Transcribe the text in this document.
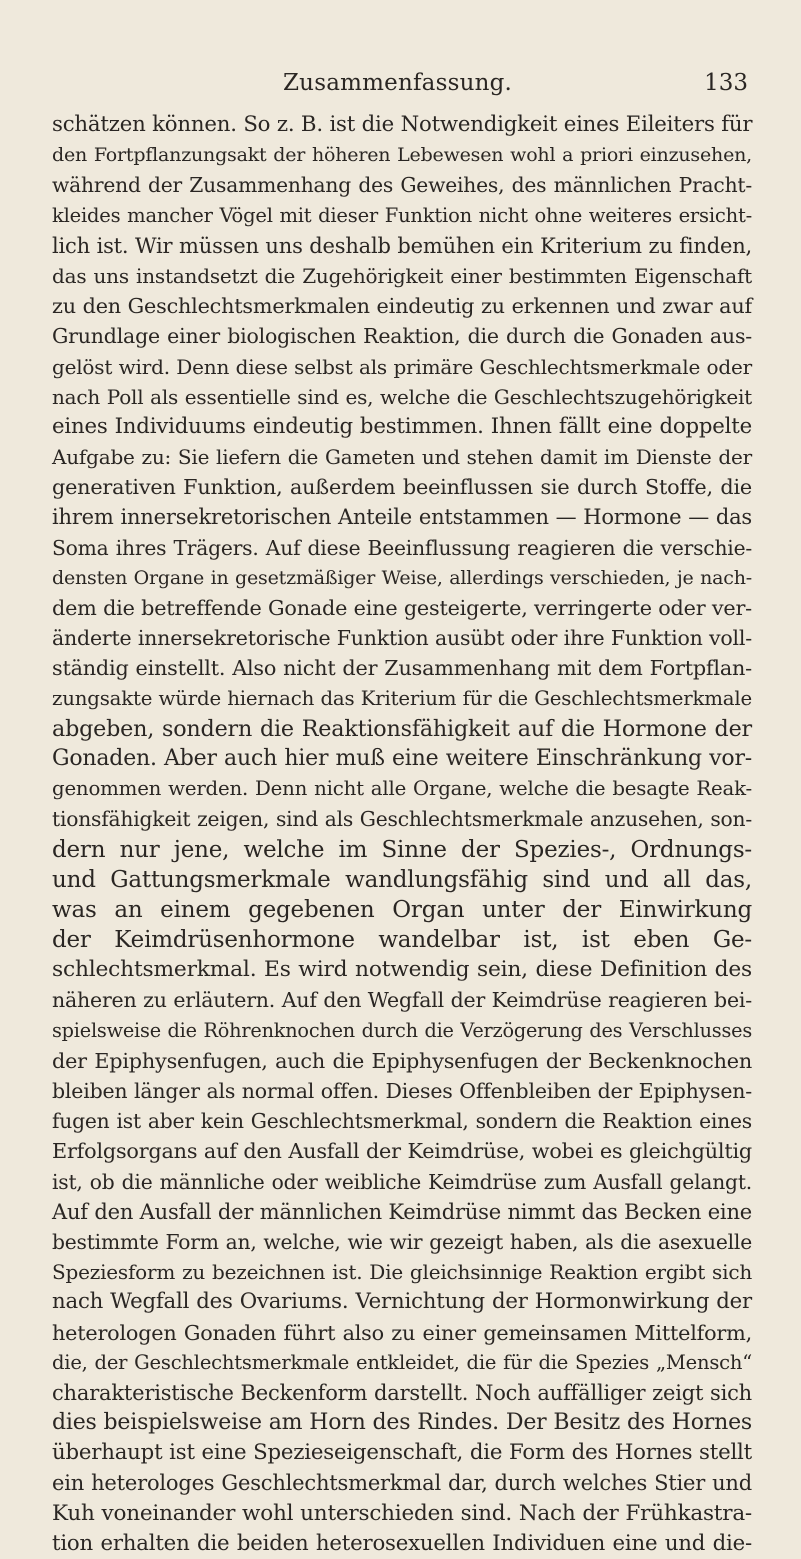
Zusammenfassung.	133
schätzen können. So z. B. ist die Notwendigkeit eines Eileiters für
den Fortpflanzungsakt der höheren Lebewesen wohl a priori einzusehen,
während der Zusammenhang des Geweihes, des männlichen Pracht-
kleides mancher Vögel mit dieser Funktion nicht ohne weiteres ersicht-
lich ist. Wir müssen uns deshalb bemühen ein Kriterium zu finden,
das uns instandsetzt die Zugehörigkeit einer bestimmten Eigenschaft
zu den Geschlechtsmerkmalen eindeutig zu erkennen und zwar auf
Grundlage einer biologischen Reaktion, die durch die Gonaden aus-
gelöst wird. Denn diese selbst als primäre Geschlechtsmerkmale oder
nach Poll als essentielle sind es, welche die Geschlechtszugehörigkeit
eines Individuums eindeutig bestimmen. Ihnen fällt eine doppelte
Aufgabe zu: Sie liefern die Gameten und stehen damit im Dienste der
generativen Funktion, außerdem beeinflussen sie durch Stoffe, die
ihrem innersekretorischen Anteile entstammen — Hormone — das
Soma ihres Trägers. Auf diese Beeinflussung reagieren die verschie-
densten Organe in gesetzmäßiger Weise, allerdings verschieden, je nach-
dem die betreffende Gonade eine gesteigerte, verringerte oder ver-
änderte innersekretorische Funktion ausübt oder ihre Funktion voll-
ständig einstellt. Also nicht der Zusammenhang mit dem Fortpflan-
zungsakte würde hiernach das Kriterium für die Geschlechtsmerkmale
abgeben, sondern die Reaktionsfähigkeit auf die Hormone der
Gonaden. Aber auch hier muß eine weitere Einschränkung vor-
genommen werden. Denn nicht alle Organe, welche die besagte Reak-
tionsfähigkeit zeigen, sind als Geschlechtsmerkmale anzusehen, son-
dern nur jene, welche im Sinne der Spezies-, Ordnungs-
und Gattungsmerkmale wandlungsfähig sind und all das,
was an einem gegebenen Organ unter der Einwirkung
der Keimdrüsenhormone wandelbar ist, ist eben Ge-
schlechtsmerkmal. Es wird notwendig sein, diese Definition des
näheren zu erläutern. Auf den Wegfall der Keimdrüse reagieren bei-
spielsweise die Röhrenknochen durch die Verzögerung des Verschlusses
der Epiphysenfugen, auch die Epiphysenfugen der Beckenknochen
bleiben länger als normal offen. Dieses Offenbleiben der Epiphysen-
fugen ist aber kein Geschlechtsmerkmal, sondern die Reaktion eines
Erfolgsorgans auf den Ausfall der Keimdrüse, wobei es gleichgültig
ist, ob die männliche oder weibliche Keimdrüse zum Ausfall gelangt.
Auf den Ausfall der männlichen Keimdrüse nimmt das Becken eine
bestimmte Form an, welche, wie wir gezeigt haben, als die asexuelle
Speziesform zu bezeichnen ist. Die gleichsinnige Reaktion ergibt sich
nach Wegfall des Ovariums. Vernichtung der Hormonwirkung der
heterologen Gonaden führt also zu einer gemeinsamen Mittelform,
die, der Geschlechtsmerkmale entkleidet, die für die Spezies „Mensch“
charakteristische Beckenform darstellt. Noch auffälliger zeigt sich
dies beispielsweise am Horn des Rindes. Der Besitz des Hornes
überhaupt ist eine Spezieseigenschaft, die Form des Hornes stellt
ein heterologes Geschlechtsmerkmal dar, durch welches Stier und
Kuh voneinander wohl unterschieden sind. Nach der Frühkastra-
tion erhalten die beiden heterosexuellen Individuen eine und die-
